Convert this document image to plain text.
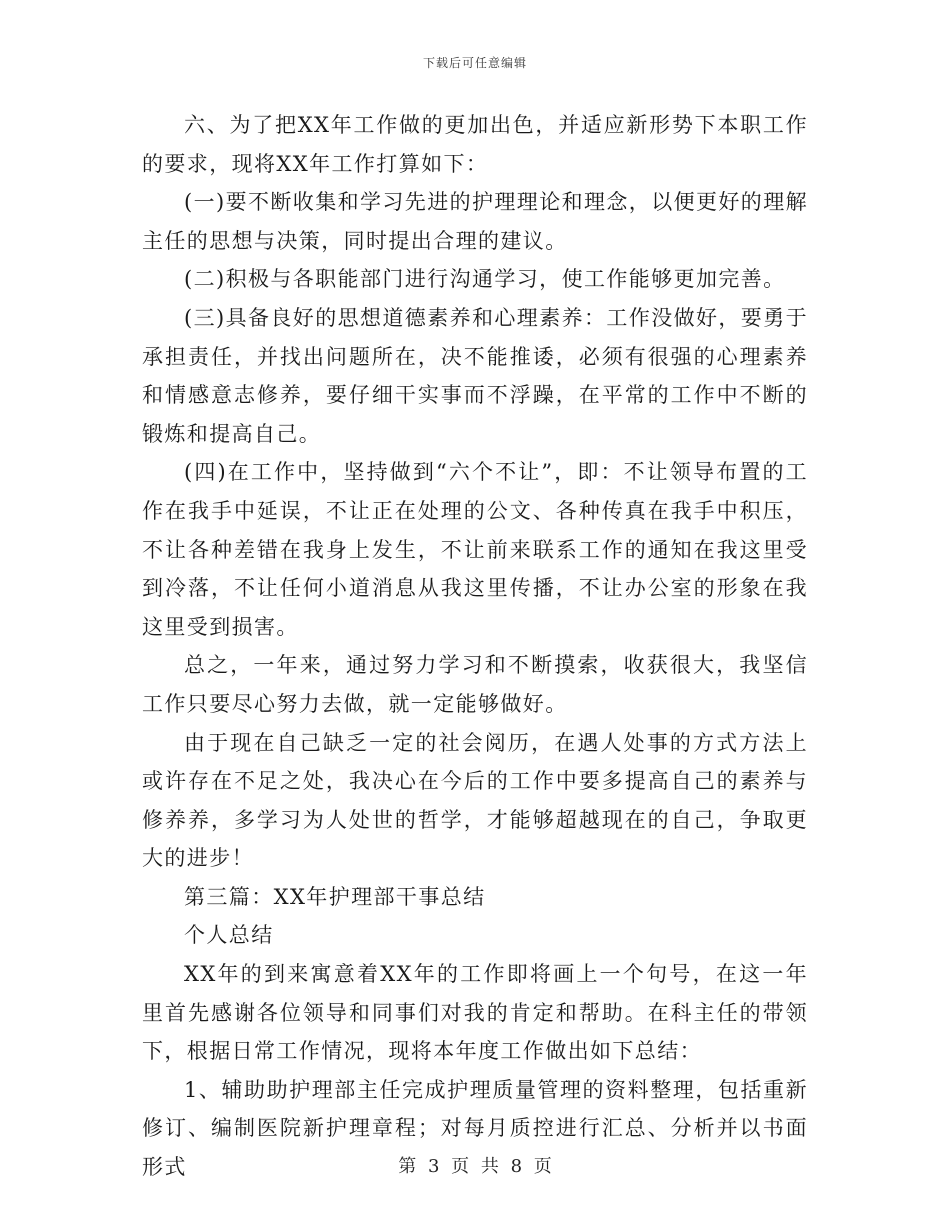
下载后可任意编辑

六、为了把XX年工作做的更加出色，并适应新形势下本职工作的要求，现将XX年工作打算如下：

(一)要不断收集和学习先进的护理理论和理念，以便更好的理解主任的思想与决策，同时提出合理的建议。

(二)积极与各职能部门进行沟通学习，使工作能够更加完善。

(三)具备良好的思想道德素养和心理素养：工作没做好，要勇于承担责任，并找出问题所在，决不能推诿，必须有很强的心理素养和情感意志修养，要仔细干实事而不浮躁，在平常的工作中不断的锻炼和提高自己。

(四)在工作中，坚持做到“六个不让”，即：不让领导布置的工作在我手中延误，不让正在处理的公文、各种传真在我手中积压，不让各种差错在我身上发生，不让前来联系工作的通知在我这里受到冷落，不让任何小道消息从我这里传播，不让办公室的形象在我这里受到损害。

总之，一年来，通过努力学习和不断摸索，收获很大，我坚信工作只要尽心努力去做，就一定能够做好。

由于现在自己缺乏一定的社会阅历，在遇人处事的方式方法上或许存在不足之处，我决心在今后的工作中要多提高自己的素养与修养养，多学习为人处世的哲学，才能够超越现在的自己，争取更大的进步！

第三篇：XX年护理部干事总结

个人总结

XX年的到来寓意着XX年的工作即将画上一个句号，在这一年里首先感谢各位领导和同事们对我的肯定和帮助。在科主任的带领下，根据日常工作情况，现将本年度工作做出如下总结：

1、辅助助护理部主任完成护理质量管理的资料整理，包括重新修订、编制医院新护理章程；对每月质控进行汇总、分析并以书面形式	第 3 页 共 8 页
